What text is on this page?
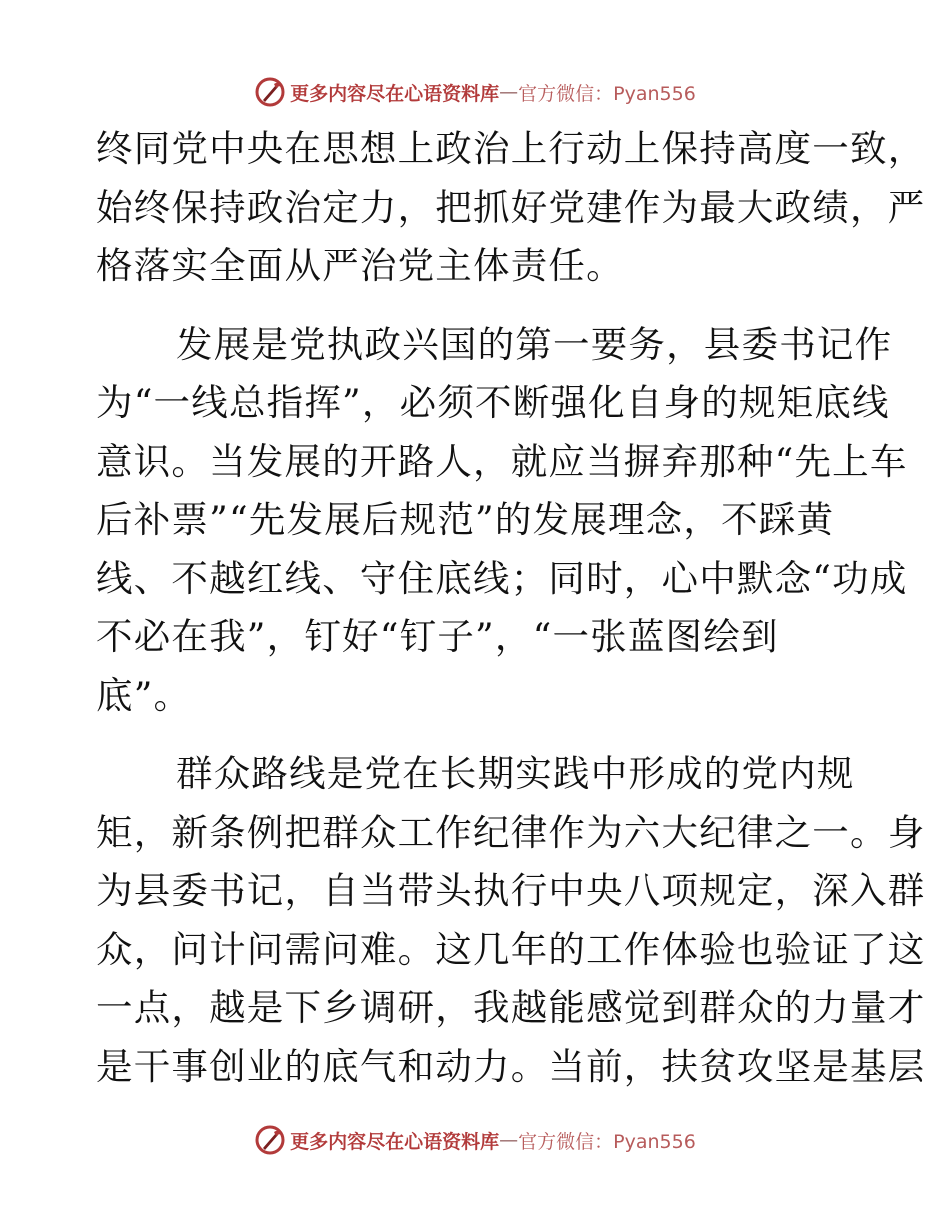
更多内容尽在心语资料库 — 官方微信：Pyan556
终同党中央在思想上政治上行动上保持高度一致，
始终保持政治定力，把抓好党建作为最大政绩，严
格落实全面从严治党主体责任。
发展是党执政兴国的第一要务，县委书记作
为“一线总指挥”，必须不断强化自身的规矩底线
意识。当发展的开路人，就应当摒弃那种“先上车
后补票”“先发展后规范”的发展理念，不踩黄
线、不越红线、守住底线；同时，心中默念“功成
不必在我”，钉好“钉子”，“一张蓝图绘到
底”。
群众路线是党在长期实践中形成的党内规
矩，新条例把群众工作纪律作为六大纪律之一。身
为县委书记，自当带头执行中央八项规定，深入群
众，问计问需问难。这几年的工作体验也验证了这
一点，越是下乡调研，我越能感觉到群众的力量才
是干事创业的底气和动力。当前，扶贫攻坚是基层
更多内容尽在心语资料库 — 官方微信：Pyan556
